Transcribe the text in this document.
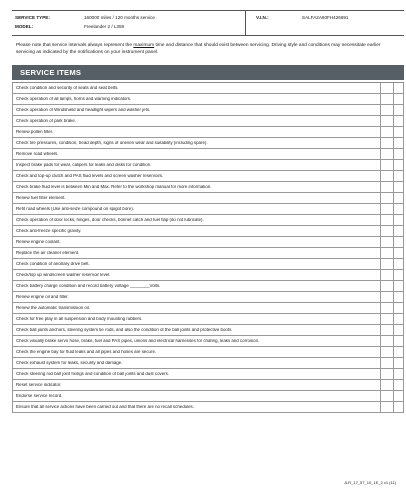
SERVICE TYPE:
MODEL:
160000 miles / 120 months service
Freelander 2 / L359
V.I.N.:	SALFA2A60FH426691

Please note that service intervals always represent the maximum time and distance that should exist between servicing. Driving style and conditions may necessitate earlier servicing as indicated by the notifications on your instrument panel.

SERVICE ITEMS
Check condition and security of seats and seat belts.
Check operation of all lamps, horns and warning indicators.
Check operation of Windshield and headlight wipers and washer jets.
Check operation of park brake.
Renew pollen filter.
Check tire pressures, condition, tread depth, signs of uneven wear and suitability (including spare).
Remove road wheels.
Inspect brake pads for wear, calipers for leaks and disks for condition.
Check and top-up clutch and PAS fluid levels and screen washer reservoirs.
Check brake fluid level is between Min and Max. Refer to the workshop manual for more information.
Renew fuel filter element.
Refit road wheels (Use anti-seize compound on spigot bore).
Check operation of door locks, hinges, door checks, bonnet catch and fuel flap (do not lubricate).
Check anti-freeze specific gravity.
Renew engine coolant.
Replace the air cleaner element.
Check condition of ancillary drive belt.
Check/top up windscreen washer reservoir level.
Check battery charge condition and record battery voltage ________Volts.
Renew engine oil and filter.
Renew the automatic transmission oil.
Check for free play in all suspension and body mounting rubbers.
Check ball joints anchors, steering system tie rods, and also the condition of the ball joints and protective boots.
Check visually brake servo hose, brake, fuel and PAS pipes, unions and electrical harnesses for chafing, leaks and corrosion.
Check the engine bay for fluid leaks and all pipes and hoses are secure.
Check exhaust system for leaks, security and damage.
Check steering rod ball joint fixings and condition of ball joints and dust covers.
Reset service indicator.
Endorse service record.
Ensure that all service actions have been carried out and that there are no recall schedules.
JLR_17_57_10_1E_2 v1 (11)
